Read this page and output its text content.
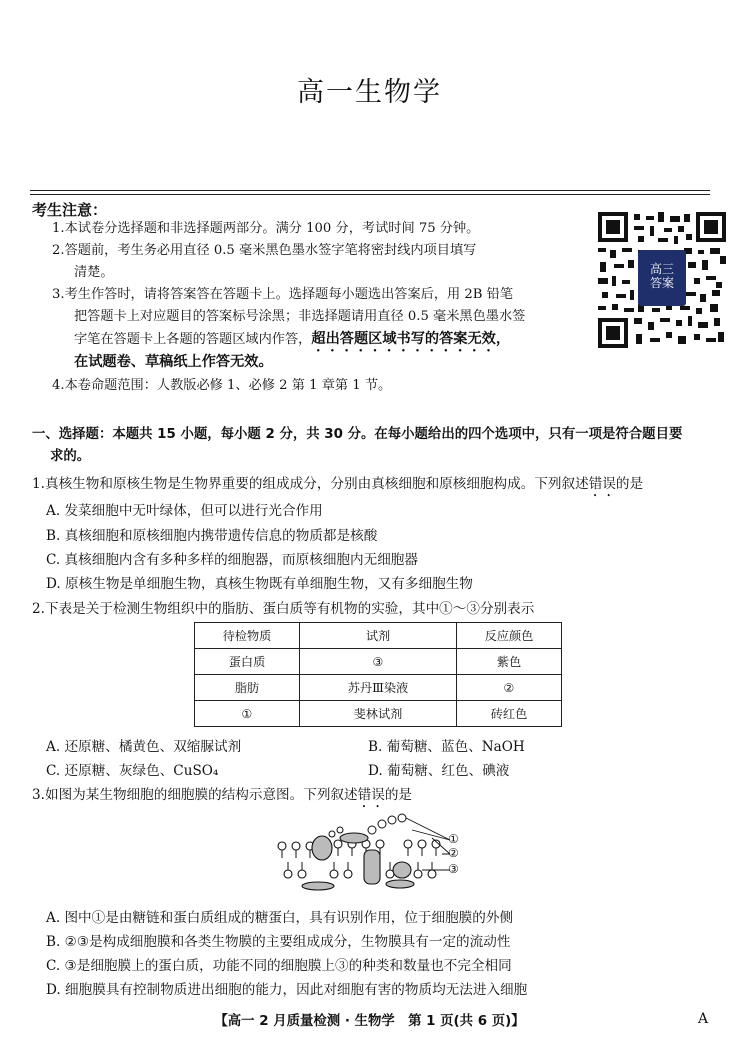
高一生物学
考生注意：
1.本试卷分选择题和非选择题两部分。满分 100 分，考试时间 75 分钟。
2.答题前，考生务必用直径 0.5 毫米黑色墨水签字笔将密封线内项目填写
清楚。
3.考生作答时，请将答案答在答题卡上。选择题每小题选出答案后，用 2B 铅笔
把答题卡上对应题目的答案标号涂黑；非选择题请用直径 0.5 毫米黑色墨水签
字笔在答题卡上各题的答题区域内作答，超出答题区域书写的答案无效，
在试题卷、草稿纸上作答无效。
4.本卷命题范围：人教版必修 1、必修 2 第 1 章第 1 节。
高三
答案
一、选择题：本题共 15 小题，每小题 2 分，共 30 分。在每小题给出的四个选项中，只有一项是符合题目要
求的。
1.真核生物和原核生物是生物界重要的组成成分，分别由真核细胞和原核细胞构成。下列叙述错误的是
A. 发菜细胞中无叶绿体，但可以进行光合作用
B. 真核细胞和原核细胞内携带遗传信息的物质都是核酸
C. 真核细胞内含有多种多样的细胞器，而原核细胞内无细胞器
D. 原核生物是单细胞生物，真核生物既有单细胞生物，又有多细胞生物
2.下表是关于检测生物组织中的脂肪、蛋白质等有机物的实验，其中①～③分别表示
待检物质	试剂	反应颜色
蛋白质	③	紫色
脂肪	苏丹Ⅲ染液	②
①	斐林试剂	砖红色
A. 还原糖、橘黄色、双缩脲试剂	B. 葡萄糖、蓝色、NaOH
C. 还原糖、灰绿色、CuSO₄	D. 葡萄糖、红色、碘液
3.如图为某生物细胞的细胞膜的结构示意图。下列叙述错误的是
①
②
③
A. 图中①是由糖链和蛋白质组成的糖蛋白，具有识别作用，位于细胞膜的外侧
B. ②③是构成细胞膜和各类生物膜的主要组成成分，生物膜具有一定的流动性
C. ③是细胞膜上的蛋白质，功能不同的细胞膜上③的种类和数量也不完全相同
D. 细胞膜具有控制物质进出细胞的能力，因此对细胞有害的物质均无法进入细胞
【高一 2 月质量检测 · 生物学　第 1 页(共 6 页)】	A
